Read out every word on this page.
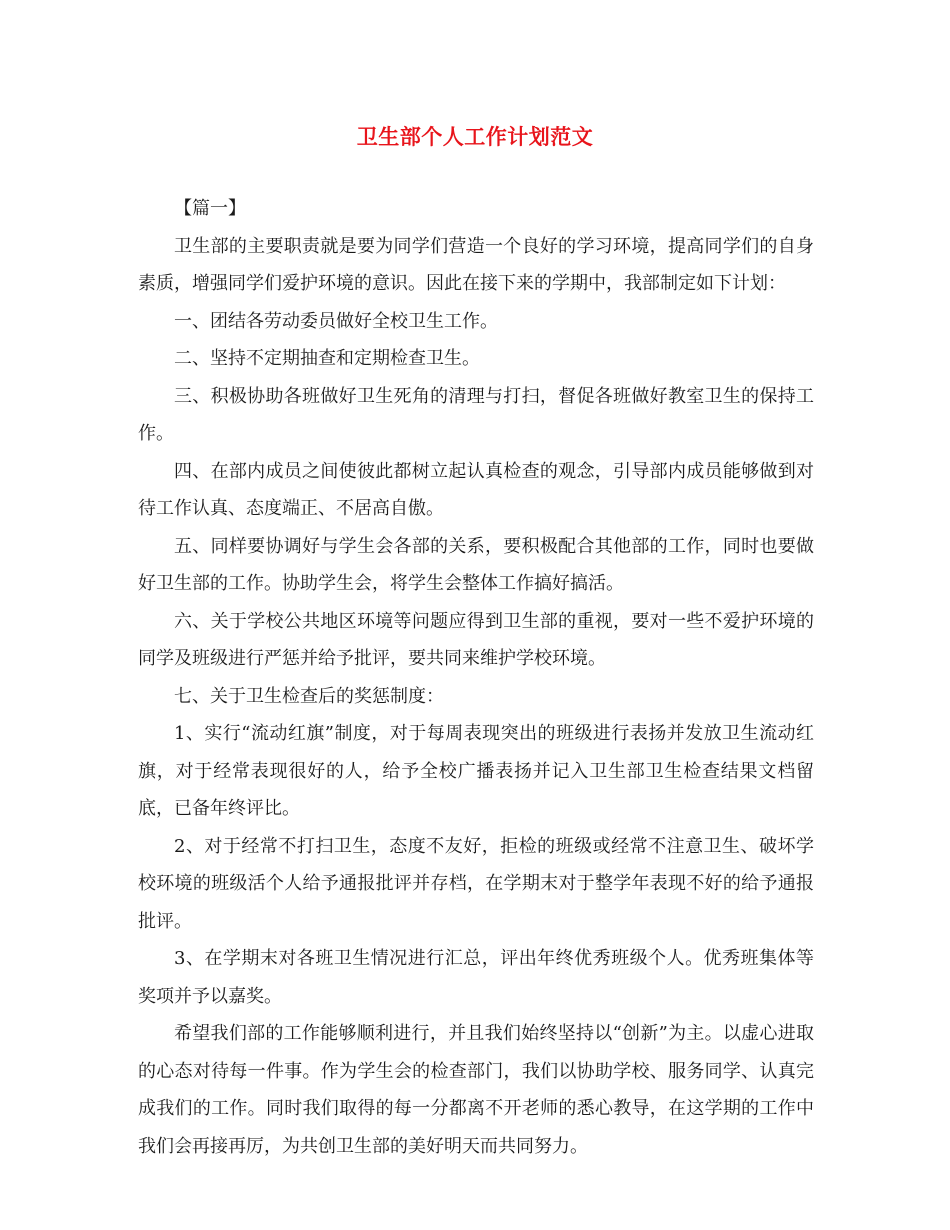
卫生部个人工作计划范文

【篇一】

卫生部的主要职责就是要为同学们营造一个良好的学习环境，提高同学们的自身素质，增强同学们爱护环境的意识。因此在接下来的学期中，我部制定如下计划：

一、团结各劳动委员做好全校卫生工作。

二、坚持不定期抽查和定期检查卫生。

三、积极协助各班做好卫生死角的清理与打扫，督促各班做好教室卫生的保持工作。

四、在部内成员之间使彼此都树立起认真检查的观念，引导部内成员能够做到对待工作认真、态度端正、不居高自傲。

五、同样要协调好与学生会各部的关系，要积极配合其他部的工作，同时也要做好卫生部的工作。协助学生会，将学生会整体工作搞好搞活。

六、关于学校公共地区环境等问题应得到卫生部的重视，要对一些不爱护环境的同学及班级进行严惩并给予批评，要共同来维护学校环境。

七、关于卫生检查后的奖惩制度：

1、实行“流动红旗”制度，对于每周表现突出的班级进行表扬并发放卫生流动红旗，对于经常表现很好的人，给予全校广播表扬并记入卫生部卫生检查结果文档留底，已备年终评比。

2、对于经常不打扫卫生，态度不友好，拒检的班级或经常不注意卫生、破坏学校环境的班级活个人给予通报批评并存档，在学期末对于整学年表现不好的给予通报批评。

3、在学期末对各班卫生情况进行汇总，评出年终优秀班级个人。优秀班集体等奖项并予以嘉奖。

希望我们部的工作能够顺利进行，并且我们始终坚持以“创新”为主。以虚心进取的心态对待每一件事。作为学生会的检查部门，我们以协助学校、服务同学、认真完成我们的工作。同时我们取得的每一分都离不开老师的悉心教导，在这学期的工作中我们会再接再厉，为共创卫生部的美好明天而共同努力。
